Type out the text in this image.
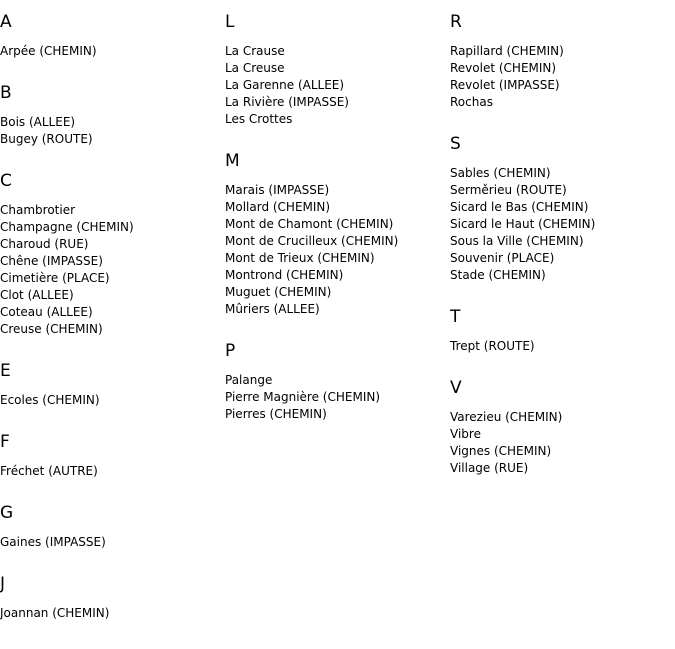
A
Arpée (CHEMIN)
B
Bois (ALLEE)
Bugey (ROUTE)
C
Chambrotier
Champagne (CHEMIN)
Charoud (RUE)
Chêne (IMPASSE)
Cimetière (PLACE)
Clot (ALLEE)
Coteau (ALLEE)
Creuse (CHEMIN)
E
Ecoles (CHEMIN)
F
Fréchet (AUTRE)
G
Gaines (IMPASSE)
J
Joannan (CHEMIN)
L
La Crause
La Creuse
La Garenne (ALLEE)
La Rivière (IMPASSE)
Les Crottes
M
Marais (IMPASSE)
Mollard (CHEMIN)
Mont de Chamont (CHEMIN)
Mont de Crucilleux (CHEMIN)
Mont de Trieux (CHEMIN)
Montrond (CHEMIN)
Muguet (CHEMIN)
Mûriers (ALLEE)
P
Palange
Pierre Magnière (CHEMIN)
Pierres (CHEMIN)
R
Rapillard (CHEMIN)
Revolet (CHEMIN)
Revolet (IMPASSE)
Rochas
S
Sables (CHEMIN)
Serměrieu (ROUTE)
Sicard le Bas (CHEMIN)
Sicard le Haut (CHEMIN)
Sous la Ville (CHEMIN)
Souvenir (PLACE)
Stade (CHEMIN)
T
Trept (ROUTE)
V
Varezieu (CHEMIN)
Vibre
Vignes (CHEMIN)
Village (RUE)
